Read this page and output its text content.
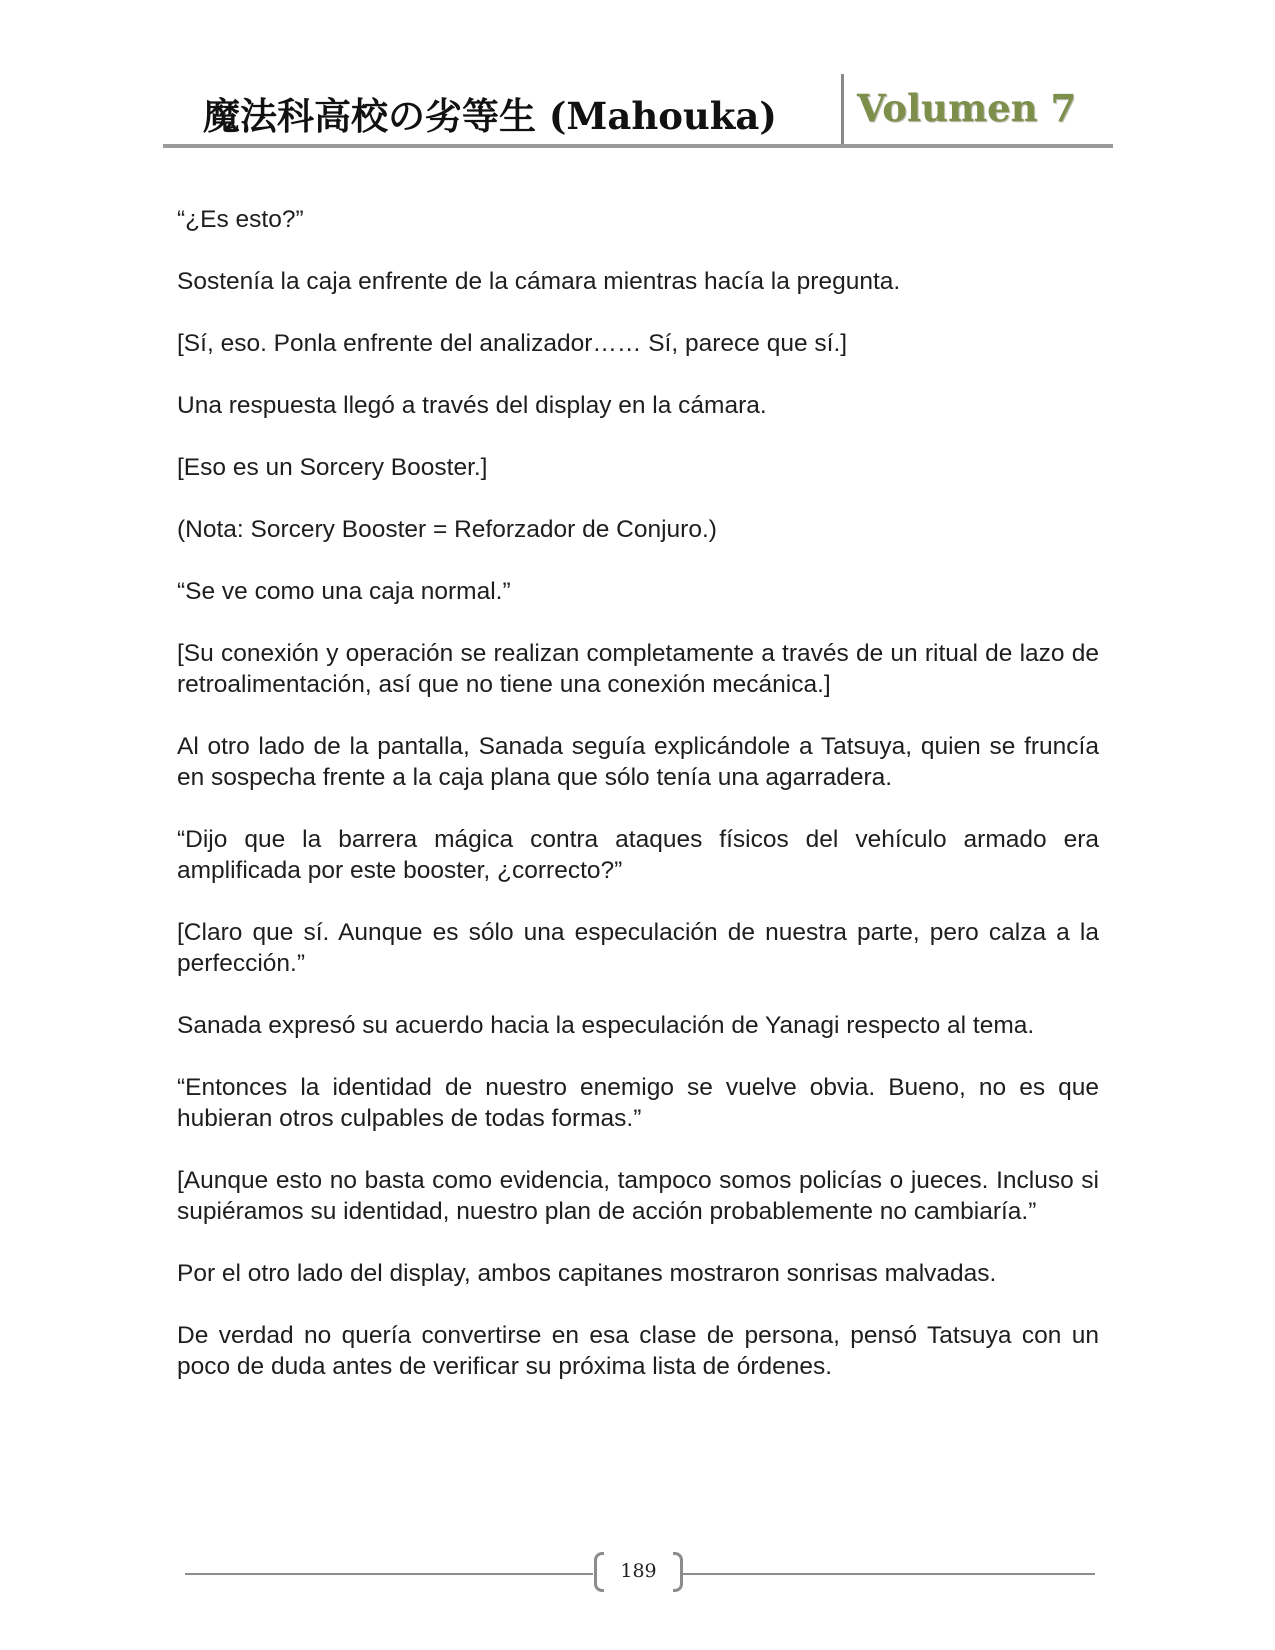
魔法科高校の劣等生 (Mahouka) Volumen 7

“¿Es esto?”

Sostenía la caja enfrente de la cámara mientras hacía la pregunta.

[Sí, eso. Ponla enfrente del analizador…… Sí, parece que sí.]

Una respuesta llegó a través del display en la cámara.

[Eso es un Sorcery Booster.]

(Nota: Sorcery Booster = Reforzador de Conjuro.)

“Se ve como una caja normal.”

[Su conexión y operación se realizan completamente a través de un ritual de lazo de retroalimentación, así que no tiene una conexión mecánica.]

Al otro lado de la pantalla, Sanada seguía explicándole a Tatsuya, quien se fruncía en sospecha frente a la caja plana que sólo tenía una agarradera.

“Dijo que la barrera mágica contra ataques físicos del vehículo armado era amplificada por este booster, ¿correcto?”

[Claro que sí. Aunque es sólo una especulación de nuestra parte, pero calza a la perfección.”

Sanada expresó su acuerdo hacia la especulación de Yanagi respecto al tema.

“Entonces la identidad de nuestro enemigo se vuelve obvia. Bueno, no es que hubieran otros culpables de todas formas.”

[Aunque esto no basta como evidencia, tampoco somos policías o jueces. Incluso si supiéramos su identidad, nuestro plan de acción probablemente no cambiaría.”

Por el otro lado del display, ambos capitanes mostraron sonrisas malvadas.

De verdad no quería convertirse en esa clase de persona, pensó Tatsuya con un poco de duda antes de verificar su próxima lista de órdenes.

189
